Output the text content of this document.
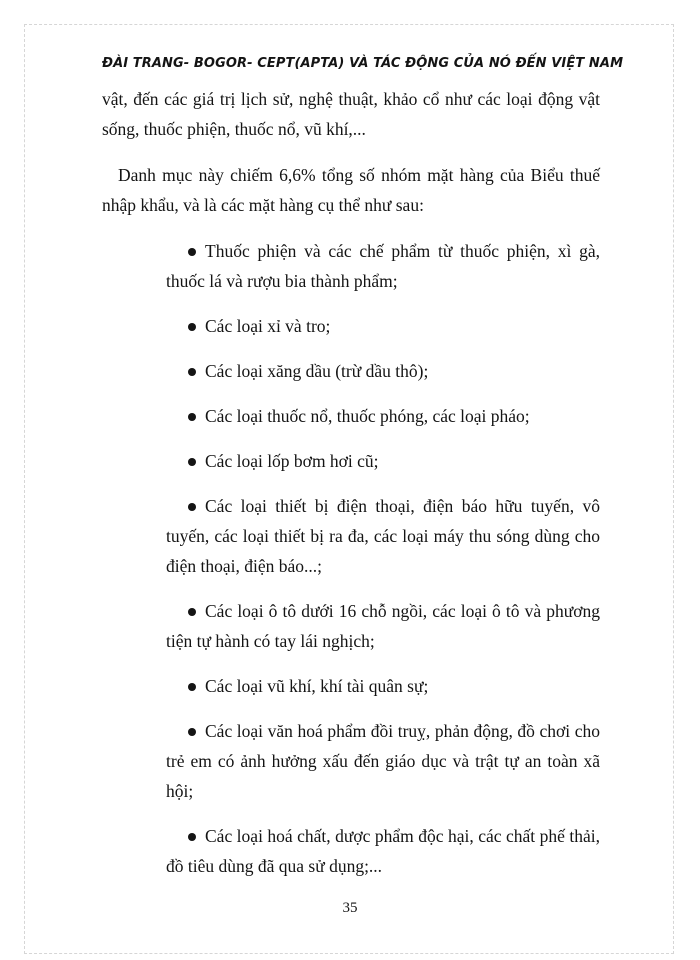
ĐÀI TRANG- BOGOR- CEPT(APTA) VÀ TÁC ĐỘNG CỦA NÓ ĐẾN VIỆT NAM

vật, đến các giá trị lịch sử, nghệ thuật, khảo cổ như các loại động vật sống, thuốc phiện, thuốc nổ, vũ khí,...

Danh mục này chiếm 6,6% tổng số nhóm mặt hàng của Biểu thuế nhập khẩu, và là các mặt hàng cụ thể như sau:

Thuốc phiện và các chế phẩm từ thuốc phiện, xì gà, thuốc lá và rượu bia thành phẩm;
Các loại xỉ và tro;
Các loại xăng dầu (trừ dầu thô);
Các loại thuốc nổ, thuốc phóng, các loại pháo;
Các loại lốp bơm hơi cũ;
Các loại thiết bị điện thoại, điện báo hữu tuyến, vô tuyến, các loại thiết bị ra đa, các loại máy thu sóng dùng cho điện thoại, điện báo...;
Các loại ô tô dưới 16 chỗ ngồi, các loại ô tô và phương tiện tự hành có tay lái nghịch;
Các loại vũ khí, khí tài quân sự;
Các loại văn hoá phẩm đồi truỵ, phản động, đồ chơi cho trẻ em có ảnh hưởng xấu đến giáo dục và trật tự an toàn xã hội;
Các loại hoá chất, dược phẩm độc hại, các chất phế thải, đồ tiêu dùng đã qua sử dụng;...
35
